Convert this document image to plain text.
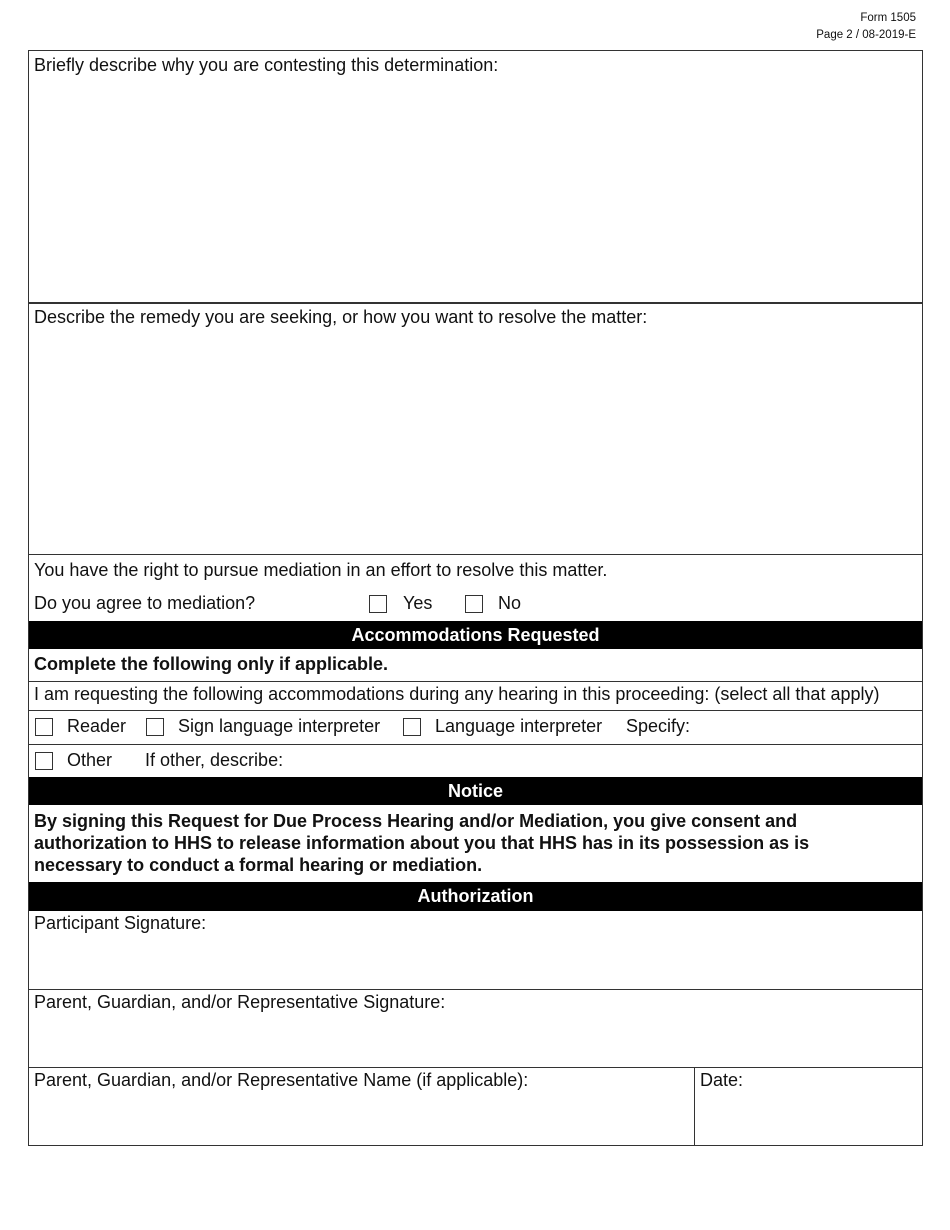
Form 1505
Page 2 / 08-2019-E
Briefly describe why you are contesting this determination:
Describe the remedy you are seeking, or how you want to resolve the matter:
You have the right to pursue mediation in an effort to resolve this matter.
Do you agree to mediation?	Yes	No
Accommodations Requested
Complete the following only if applicable.
I am requesting the following accommodations during any hearing in this proceeding: (select all that apply)
Reader	Sign language interpreter	Language interpreter Specify:
Other If other, describe:
Notice
By signing this Request for Due Process Hearing and/or Mediation, you give consent and
authorization to HHS to release information about you that HHS has in its possession as is
necessary to conduct a formal hearing or mediation.
Authorization
Participant Signature:
Parent, Guardian, and/or Representative Signature:
Parent, Guardian, and/or Representative Name (if applicable):	Date:
